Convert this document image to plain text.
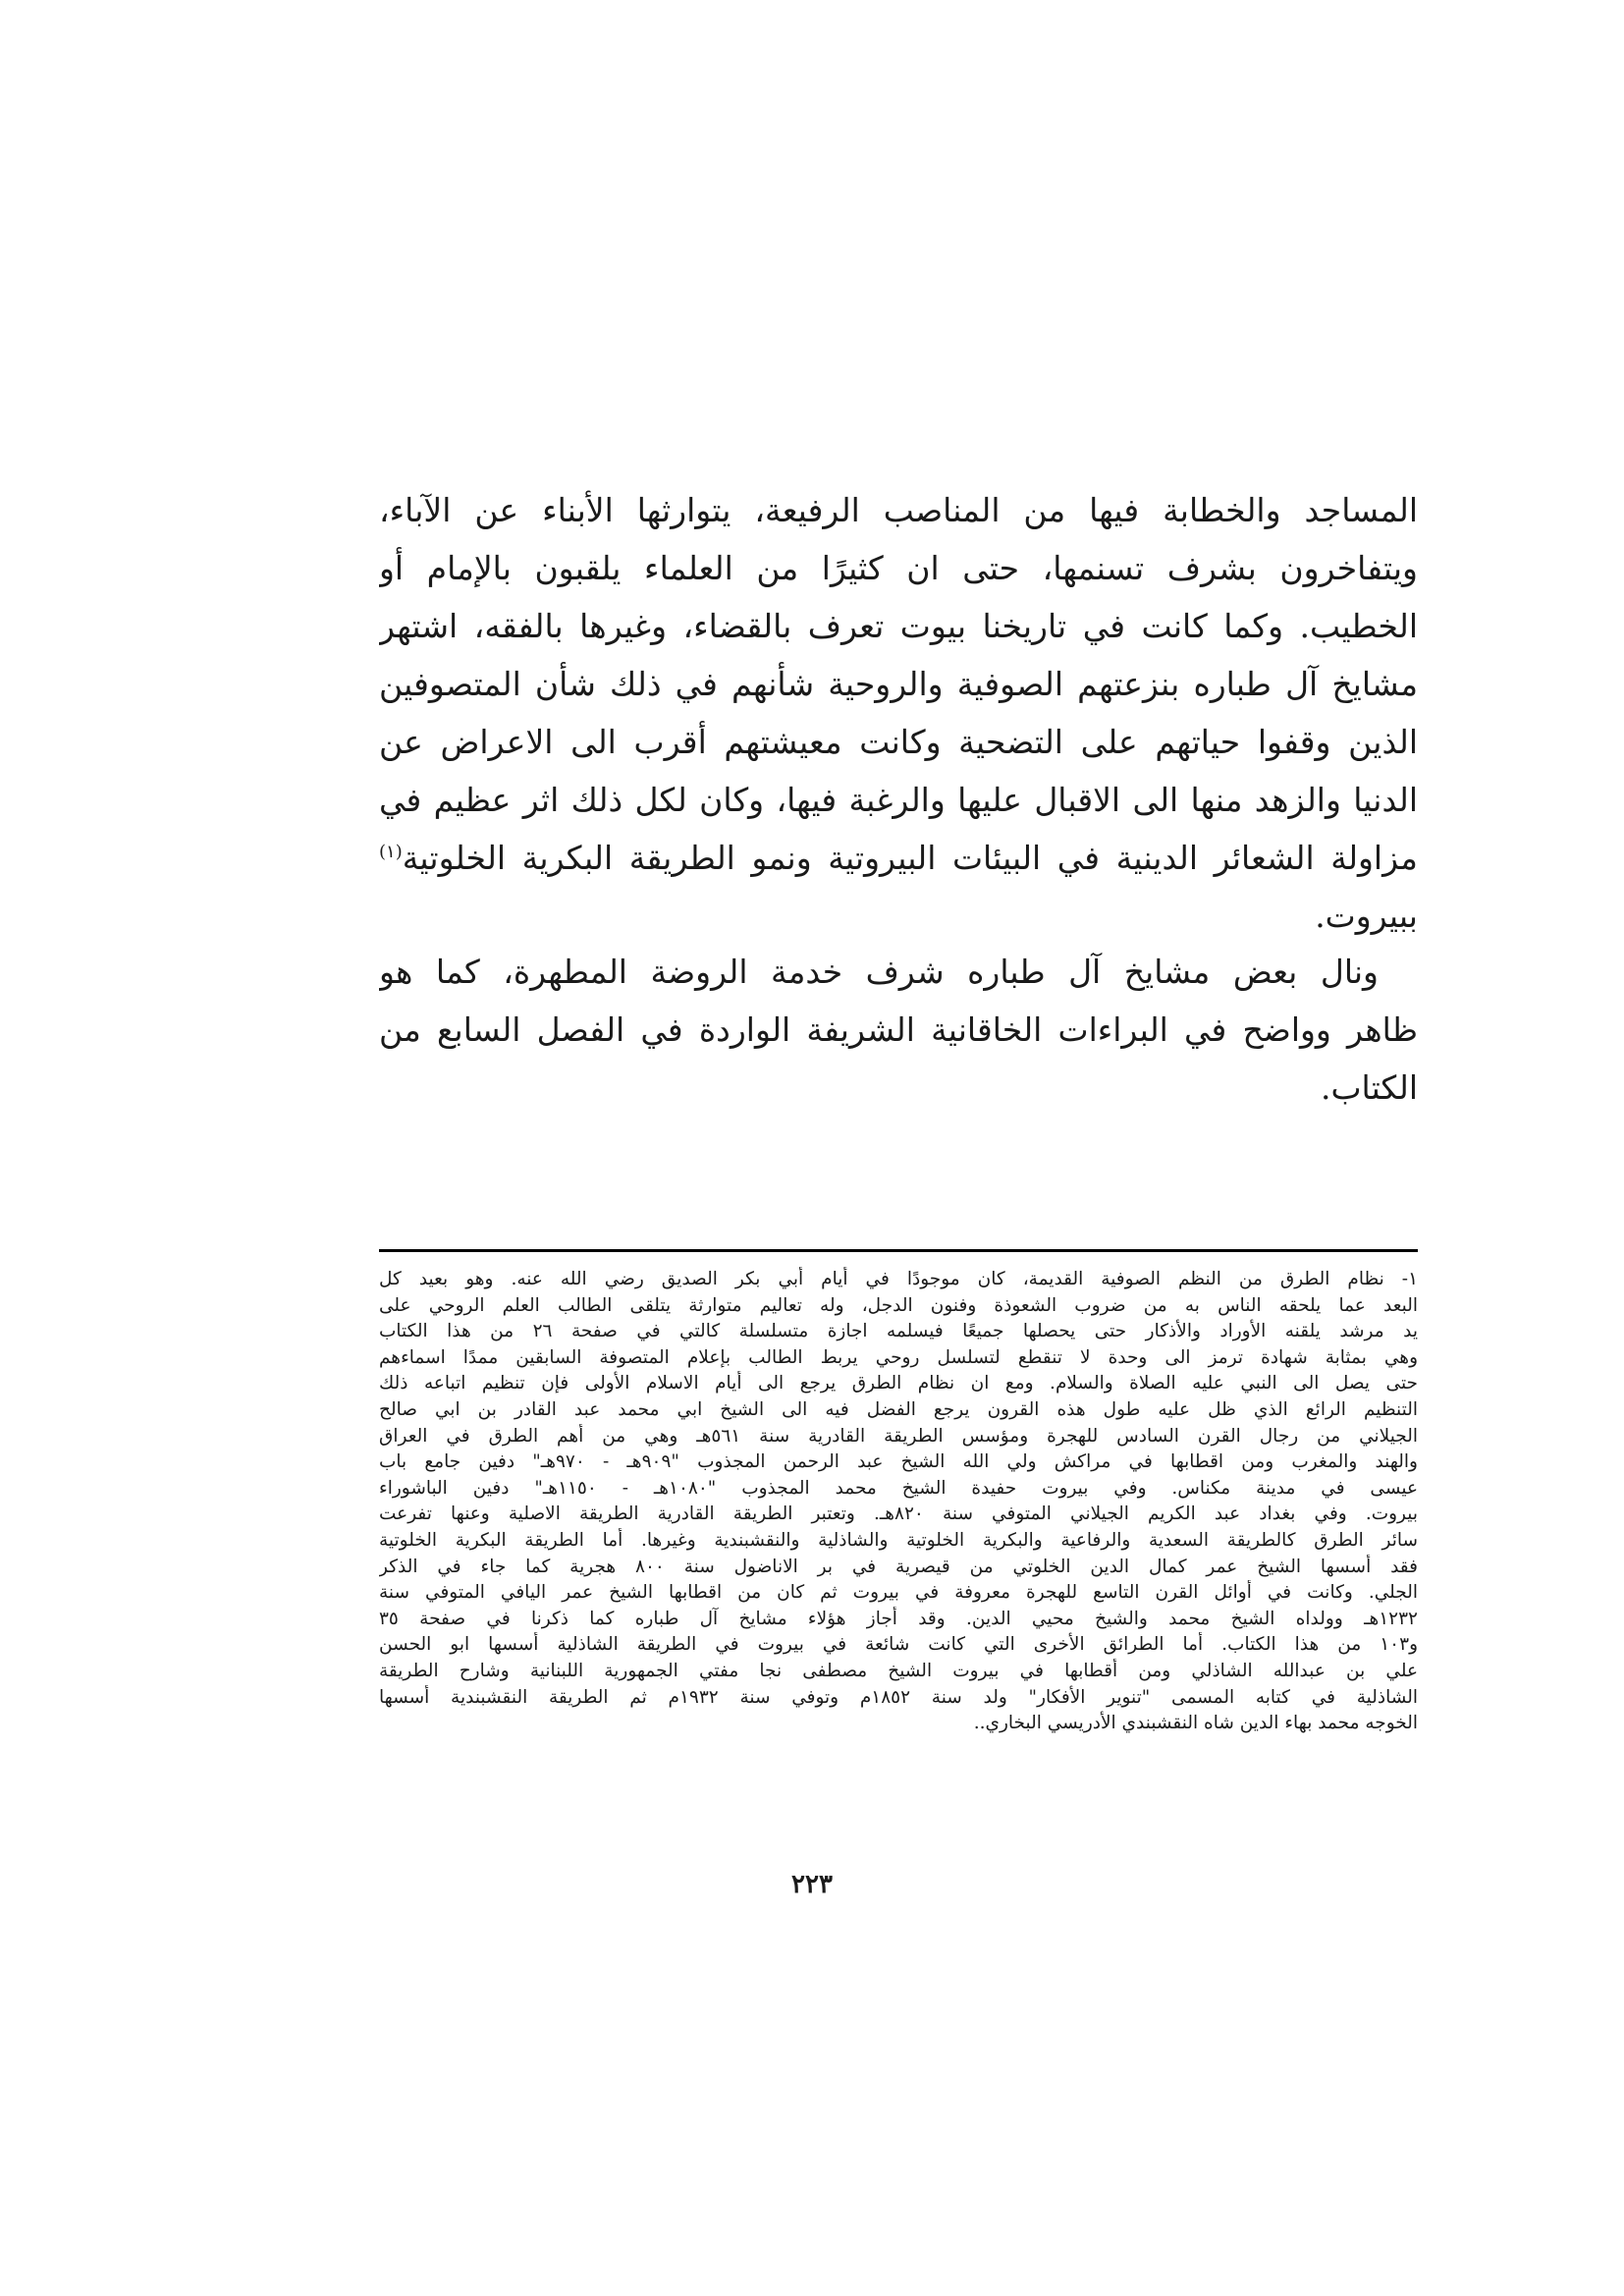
المساجد والخطابة فيها من المناصب الرفيعة، يتوارثها الأبناء عن الآباء،
ويتفاخرون بشرف تسنمها، حتى ان كثيرًا من العلماء يلقبون بالإمام أو
الخطيب. وكما كانت في تاريخنا بيوت تعرف بالقضاء، وغيرها بالفقه، اشتهر
مشايخ آل طباره بنزعتهم الصوفية والروحية شأنهم في ذلك شأن المتصوفين
الذين وقفوا حياتهم على التضحية وكانت معيشتهم أقرب الى الاعراض عن
الدنيا والزهد منها الى الاقبال عليها والرغبة فيها، وكان لكل ذلك اثر عظيم في
مزاولة الشعائر الدينية في البيئات البيروتية ونمو الطريقة البكرية الخلوتية$^{(١)}$
ببيروت.
ونال بعض مشايخ آل طباره شرف خدمة الروضة المطهرة، كما هو
ظاهر وواضح في البراءات الخاقانية الشريفة الواردة في الفصل السابع من
الكتاب.
١- نظام الطرق من النظم الصوفية القديمة، كان موجودًا في أيام أبي بكر الصديق رضي الله عنه. وهو بعيد كل
البعد عما يلحقه الناس به من ضروب الشعوذة وفنون الدجل، وله تعاليم متوارثة يتلقى الطالب العلم الروحي على
يد مرشد يلقنه الأوراد والأذكار حتى يحصلها جميعًا فيسلمه اجازة متسلسلة كالتي في صفحة ٢٦ من هذا الكتاب
وهي بمثابة شهادة ترمز الى وحدة لا تنقطع لتسلسل روحي يربط الطالب بإعلام المتصوفة السابقين ممدًا اسماءهم
حتى يصل الى النبي عليه الصلاة والسلام. ومع ان نظام الطرق يرجع الى أيام الاسلام الأولى فإن تنظيم اتباعه ذلك
التنظيم الرائع الذي ظل عليه طول هذه القرون يرجع الفضل فيه الى الشيخ ابي محمد عبد القادر بن ابي صالح
الجيلاني من رجال القرن السادس للهجرة ومؤسس الطريقة القادرية سنة ٥٦١هـ وهي من أهم الطرق في العراق
والهند والمغرب ومن اقطابها في مراكش ولي الله الشيخ عبد الرحمن المجذوب "٩٠٩هـ - ٩٧٠هـ" دفين جامع باب
عيسى في مدينة مكناس. وفي بيروت حفيدة الشيخ محمد المجذوب "١٠٨٠هـ - ١١٥٠هـ" دفين الباشوراء
بيروت. وفي بغداد عبد الكريم الجيلاني المتوفي سنة ٨٢٠هـ. وتعتبر الطريقة القادرية الطريقة الاصلية وعنها تفرعت
سائر الطرق كالطريقة السعدية والرفاعية والبكرية الخلوتية والشاذلية والنقشبندية وغيرها. أما الطريقة البكرية الخلوتية
فقد أسسها الشيخ عمر كمال الدين الخلوتي من قيصرية في بر الاناضول سنة ٨٠٠ هجرية كما جاء في الذكر
الجلي. وكانت في أوائل القرن التاسع للهجرة معروفة في بيروت ثم كان من اقطابها الشيخ عمر اليافي المتوفي سنة
١٢٣٢هـ وولداه الشيخ محمد والشيخ محيي الدين. وقد أجاز هؤلاء مشايخ آل طباره كما ذكرنا في صفحة ٣٥
و١٠٣ من هذا الكتاب. أما الطرائق الأخرى التي كانت شائعة في بيروت في الطريقة الشاذلية أسسها ابو الحسن
علي بن عبدالله الشاذلي ومن أقطابها في بيروت الشيخ مصطفى نجا مفتي الجمهورية اللبنانية وشارح الطريقة
الشاذلية في كتابه المسمى "تنوير الأفكار" ولد سنة ١٨٥٢م وتوفي سنة ١٩٣٢م ثم الطريقة النقشبندية أسسها
الخوجه محمد بهاء الدين شاه النقشبندي الأدريسي البخاري..
٢٢٣
